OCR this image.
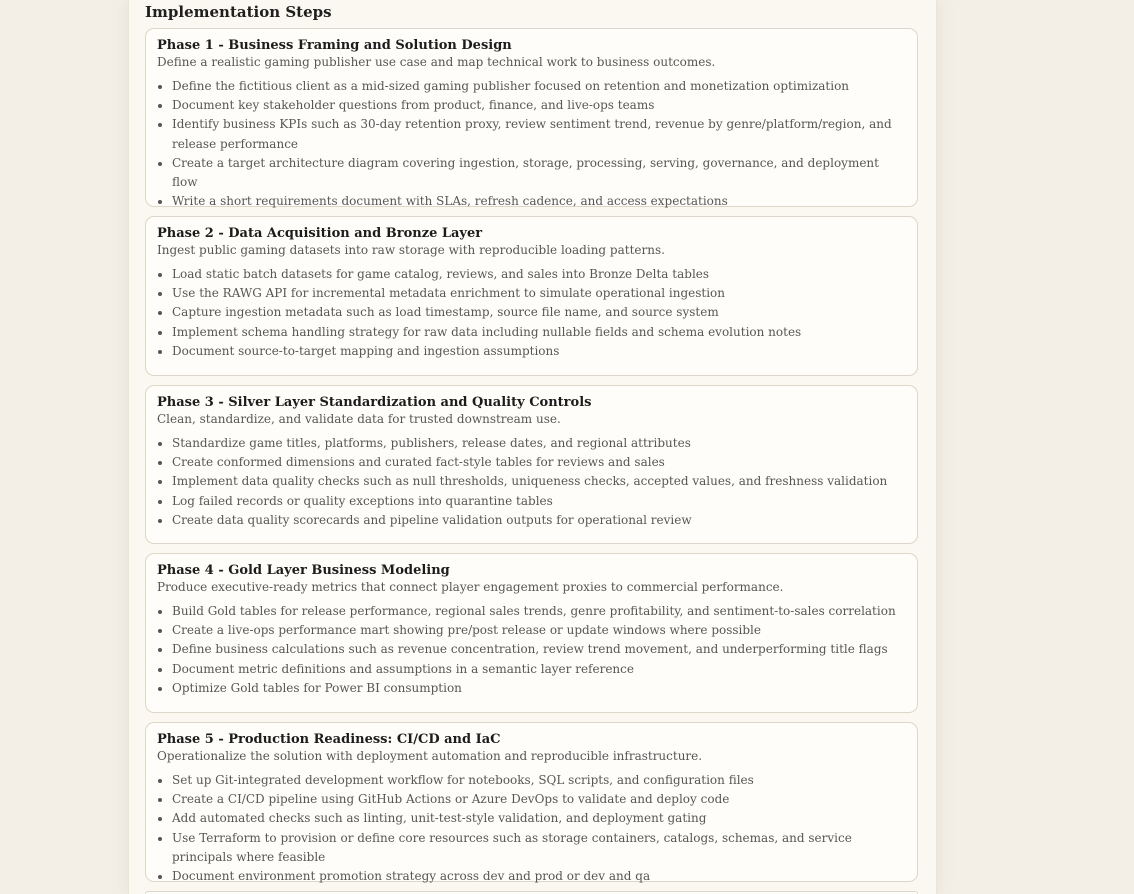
Implementation Steps
Phase 1 - Business Framing and Solution Design

Define a realistic gaming publisher use case and map technical work to business outcomes.

• Define the fictitious client as a mid-sized gaming publisher focused on retention and monetization optimization
• Document key stakeholder questions from product, finance, and live-ops teams
• Identify business KPIs such as 30-day retention proxy, review sentiment trend, revenue by genre/platform/region, and release performance
• Create a target architecture diagram covering ingestion, storage, processing, serving, governance, and deployment flow
• Write a short requirements document with SLAs, refresh cadence, and access expectations
Phase 2 - Data Acquisition and Bronze Layer

Ingest public gaming datasets into raw storage with reproducible loading patterns.

• Load static batch datasets for game catalog, reviews, and sales into Bronze Delta tables
• Use the RAWG API for incremental metadata enrichment to simulate operational ingestion
• Capture ingestion metadata such as load timestamp, source file name, and source system
• Implement schema handling strategy for raw data including nullable fields and schema evolution notes
• Document source-to-target mapping and ingestion assumptions
Phase 3 - Silver Layer Standardization and Quality Controls

Clean, standardize, and validate data for trusted downstream use.

• Standardize game titles, platforms, publishers, release dates, and regional attributes
• Create conformed dimensions and curated fact-style tables for reviews and sales
• Implement data quality checks such as null thresholds, uniqueness checks, accepted values, and freshness validation
• Log failed records or quality exceptions into quarantine tables
• Create data quality scorecards and pipeline validation outputs for operational review
Phase 4 - Gold Layer Business Modeling

Produce executive-ready metrics that connect player engagement proxies to commercial performance.

• Build Gold tables for release performance, regional sales trends, genre profitability, and sentiment-to-sales correlation
• Create a live-ops performance mart showing pre/post release or update windows where possible
• Define business calculations such as revenue concentration, review trend movement, and underperforming title flags
• Document metric definitions and assumptions in a semantic layer reference
• Optimize Gold tables for Power BI consumption
Phase 5 - Production Readiness: CI/CD and IaC

Operationalize the solution with deployment automation and reproducible infrastructure.

• Set up Git-integrated development workflow for notebooks, SQL scripts, and configuration files
• Create a CI/CD pipeline using GitHub Actions or Azure DevOps to validate and deploy code
• Add automated checks such as linting, unit-test-style validation, and deployment gating
• Use Terraform to provision or define core resources such as storage containers, catalogs, schemas, and service principals where feasible
• Document environment promotion strategy across dev and prod or dev and qa
